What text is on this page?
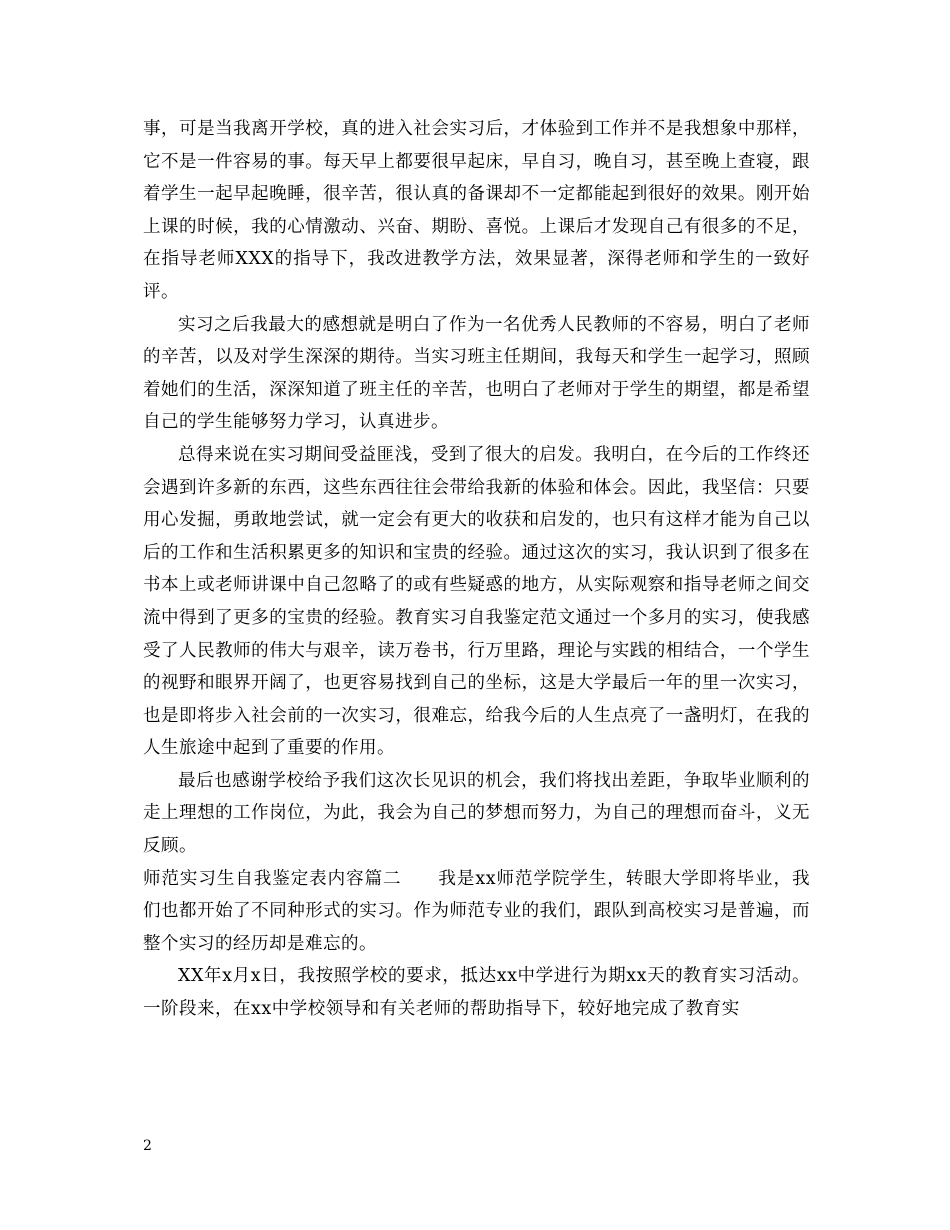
事，可是当我离开学校，真的进入社会实习后，才体验到工作并不是我想象中那样，它不是一件容易的事。每天早上都要很早起床，早自习，晚自习，甚至晚上查寝，跟着学生一起早起晚睡，很辛苦，很认真的备课却不一定都能起到很好的效果。刚开始上课的时候，我的心情激动、兴奋、期盼、喜悦。上课后才发现自己有很多的不足，在指导老师XXX的指导下，我改进教学方法，效果显著，深得老师和学生的一致好评。

实习之后我最大的感想就是明白了作为一名优秀人民教师的不容易，明白了老师的辛苦，以及对学生深深的期待。当实习班主任期间，我每天和学生一起学习，照顾着她们的生活，深深知道了班主任的辛苦，也明白了老师对于学生的期望，都是希望自己的学生能够努力学习，认真进步。

总得来说在实习期间受益匪浅，受到了很大的启发。我明白，在今后的工作终还会遇到许多新的东西，这些东西往往会带给我新的体验和体会。因此，我坚信：只要用心发掘，勇敢地尝试，就一定会有更大的收获和启发的，也只有这样才能为自己以后的工作和生活积累更多的知识和宝贵的经验。通过这次的实习，我认识到了很多在书本上或老师讲课中自己忽略了的或有些疑惑的地方，从实际观察和指导老师之间交流中得到了更多的宝贵的经验。教育实习自我鉴定范文通过一个多月的实习，使我感受了人民教师的伟大与艰辛，读万卷书，行万里路，理论与实践的相结合，一个学生的视野和眼界开阔了，也更容易找到自己的坐标，这是大学最后一年的里一次实习，也是即将步入社会前的一次实习，很难忘，给我今后的人生点亮了一盏明灯，在我的人生旅途中起到了重要的作用。

最后也感谢学校给予我们这次长见识的机会，我们将找出差距，争取毕业顺利的走上理想的工作岗位，为此，我会为自己的梦想而努力，为自己的理想而奋斗，义无反顾。

师范实习生自我鉴定表内容篇二　　我是xx师范学院学生，转眼大学即将毕业，我们也都开始了不同种形式的实习。作为师范专业的我们，跟队到高校实习是普遍，而整个实习的经历却是难忘的。

XX年x月x日，我按照学校的要求，抵达xx中学进行为期xx天的教育实习活动。一阶段来，在xx中学校领导和有关老师的帮助指导下，较好地完成了教育实

2
